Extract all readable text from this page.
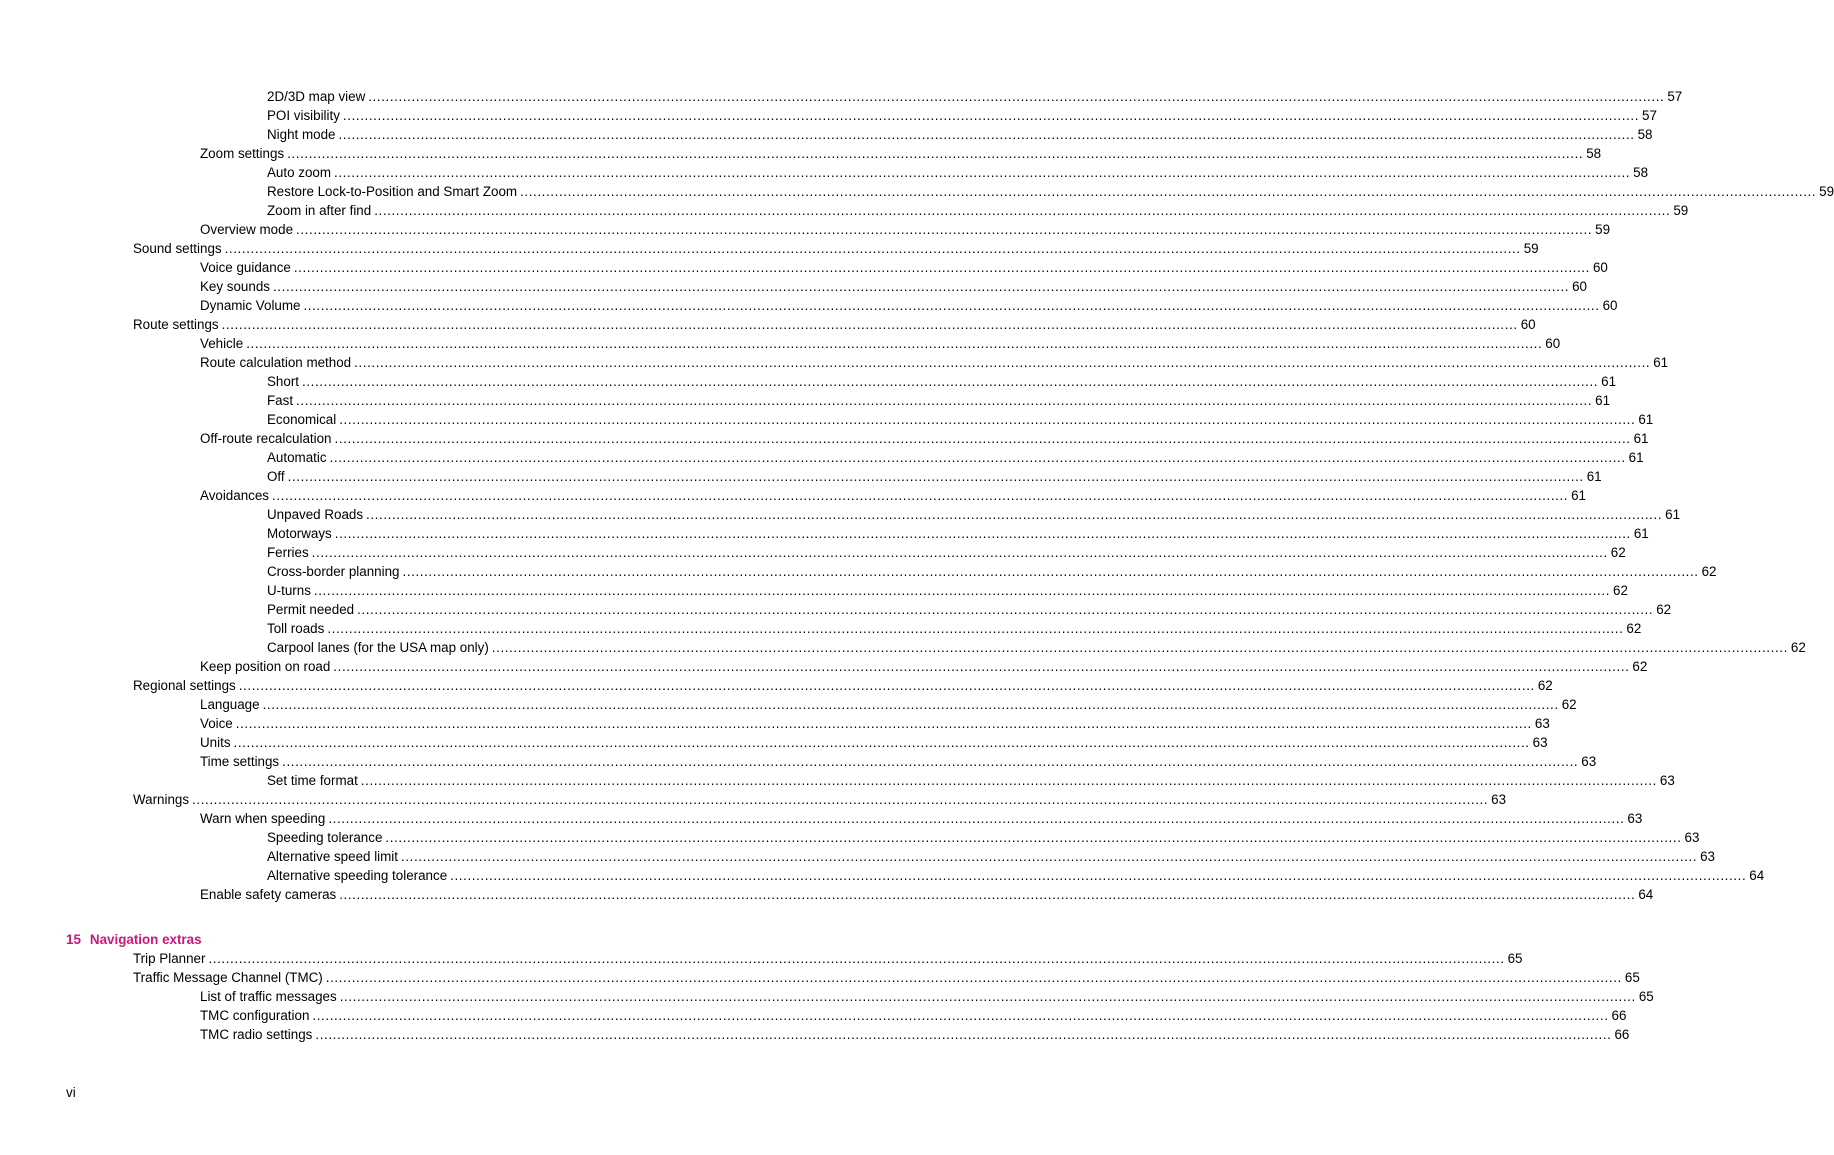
2D/3D map view ............................................................................................................................................................................................................................................................................................................ 57
POI visibility ............................................................................................................................................................................................................................................................................................................ 57
Night mode ............................................................................................................................................................................................................................................................................................................ 58
Zoom settings ............................................................................................................................................................................................................................................................................................................ 58
Auto zoom ............................................................................................................................................................................................................................................................................................................ 58
Restore Lock-to-Position and Smart Zoom ............................................................................................................................................................................................................................................................................................................ 59
Zoom in after find ............................................................................................................................................................................................................................................................................................................ 59
Overview mode ............................................................................................................................................................................................................................................................................................................ 59
Sound settings ............................................................................................................................................................................................................................................................................................................ 59
Voice guidance ............................................................................................................................................................................................................................................................................................................ 60
Key sounds ............................................................................................................................................................................................................................................................................................................ 60
Dynamic Volume ............................................................................................................................................................................................................................................................................................................ 60
Route settings ............................................................................................................................................................................................................................................................................................................ 60
Vehicle ............................................................................................................................................................................................................................................................................................................ 60
Route calculation method ............................................................................................................................................................................................................................................................................................................ 61
Short ............................................................................................................................................................................................................................................................................................................ 61
Fast ............................................................................................................................................................................................................................................................................................................ 61
Economical ............................................................................................................................................................................................................................................................................................................ 61
Off-route recalculation ............................................................................................................................................................................................................................................................................................................ 61
Automatic ............................................................................................................................................................................................................................................................................................................ 61
Off ............................................................................................................................................................................................................................................................................................................ 61
Avoidances ............................................................................................................................................................................................................................................................................................................ 61
Unpaved Roads ............................................................................................................................................................................................................................................................................................................ 61
Motorways ............................................................................................................................................................................................................................................................................................................ 61
Ferries ............................................................................................................................................................................................................................................................................................................ 62
Cross-border planning ............................................................................................................................................................................................................................................................................................................ 62
U-turns ............................................................................................................................................................................................................................................................................................................ 62
Permit needed ............................................................................................................................................................................................................................................................................................................ 62
Toll roads ............................................................................................................................................................................................................................................................................................................ 62
Carpool lanes (for the USA map only) ............................................................................................................................................................................................................................................................................................................ 62
Keep position on road ............................................................................................................................................................................................................................................................................................................ 62
Regional settings ............................................................................................................................................................................................................................................................................................................ 62
Language ............................................................................................................................................................................................................................................................................................................ 62
Voice ............................................................................................................................................................................................................................................................................................................ 63
Units ............................................................................................................................................................................................................................................................................................................ 63
Time settings ............................................................................................................................................................................................................................................................................................................ 63
Set time format ............................................................................................................................................................................................................................................................................................................ 63
Warnings ............................................................................................................................................................................................................................................................................................................ 63
Warn when speeding ............................................................................................................................................................................................................................................................................................................ 63
Speeding tolerance ............................................................................................................................................................................................................................................................................................................ 63
Alternative speed limit ............................................................................................................................................................................................................................................................................................................ 63
Alternative speeding tolerance ............................................................................................................................................................................................................................................................................................................ 64
Enable safety cameras ............................................................................................................................................................................................................................................................................................................ 64
15 Navigation extras
Trip Planner ............................................................................................................................................................................................................................................................................................................ 65
Traffic Message Channel (TMC) ............................................................................................................................................................................................................................................................................................................ 65
List of traffic messages ............................................................................................................................................................................................................................................................................................................ 65
TMC configuration ............................................................................................................................................................................................................................................................................................................ 66
TMC radio settings ............................................................................................................................................................................................................................................................................................................ 66
vi
